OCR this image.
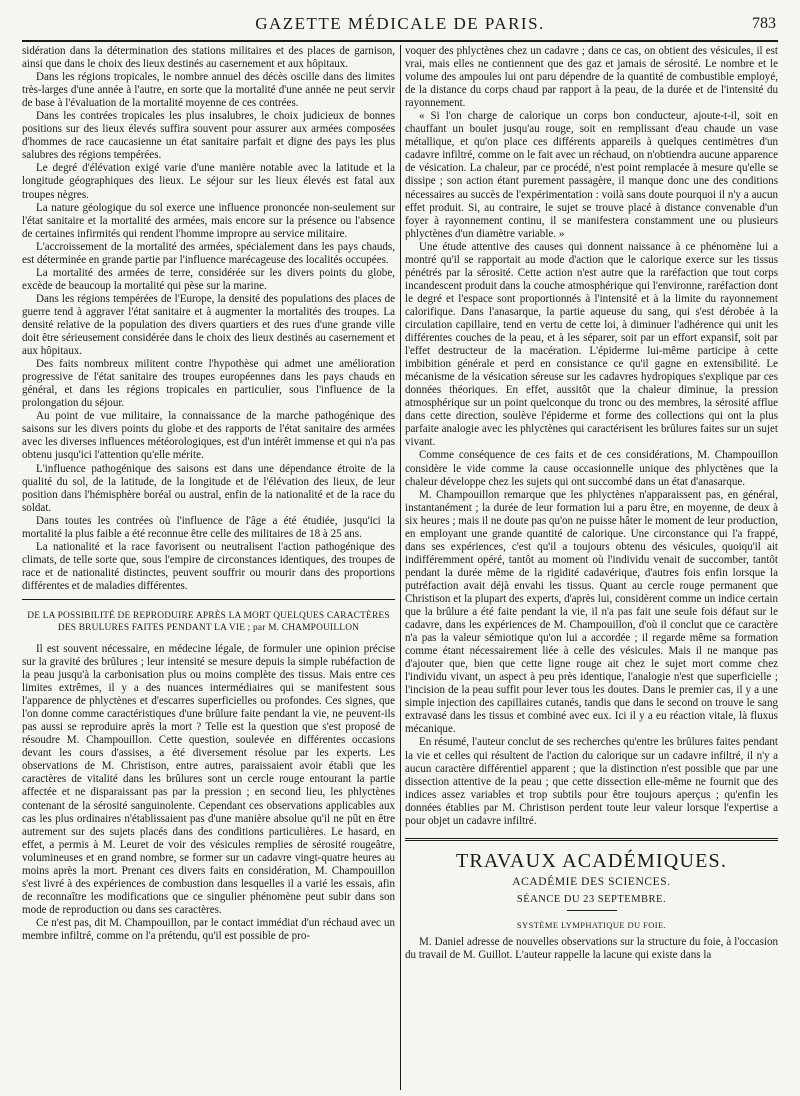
GAZETTE MÉDICALE DE PARIS.	783

sidération dans la détermination des stations militaires et des places de garnison, ainsi que dans le choix des lieux destinés au casernement et aux hôpitaux.

Dans les régions tropicales, le nombre annuel des décès oscille dans des limites très-larges d'une année à l'autre, en sorte que la mortalité d'une année ne peut servir de base à l'évaluation de la mortalité moyenne de ces contrées.

Dans les contrées tropicales les plus insalubres, le choix judicieux de bonnes positions sur des lieux élevés suffira souvent pour assurer aux armées composées d'hommes de race caucasienne un état sanitaire parfait et digne des pays les plus salubres des régions tempérées.

Le degré d'élévation exigé varie d'une manière notable avec la latitude et la longitude géographiques des lieux. Le séjour sur les lieux élevés est fatal aux troupes nègres.

La nature géologique du sol exerce une influence prononcée non-seulement sur l'état sanitaire et la mortalité des armées, mais encore sur la présence ou l'absence de certaines infirmités qui rendent l'homme impropre au service militaire.

L'accroissement de la mortalité des armées, spécialement dans les pays chauds, est déterminée en grande partie par l'influence marécageuse des localités occupées.

La mortalité des armées de terre, considérée sur les divers points du globe, excède de beaucoup la mortalité qui pèse sur la marine.

Dans les régions tempérées de l'Europe, la densité des populations des places de guerre tend à aggraver l'état sanitaire et à augmenter la mortalités des troupes. La densité relative de la population des divers quartiers et des rues d'une grande ville doit être sérieusement considérée dans le choix des lieux destinés au casernement et aux hôpitaux.

Des faits nombreux militent contre l'hypothèse qui admet une amélioration progressive de l'état sanitaire des troupes européennes dans les pays chauds en général, et dans les régions tropicales en particulier, sous l'influence de la prolongation du séjour.

Au point de vue militaire, la connaissance de la marche pathogénique des saisons sur les divers points du globe et des rapports de l'état sanitaire des armées avec les diverses influences météorologiques, est d'un intérêt immense et qui n'a pas obtenu jusqu'ici l'attention qu'elle mérite.

L'influence pathogénique des saisons est dans une dépendance étroite de la qualité du sol, de la latitude, de la longitude et de l'élévation des lieux, de leur position dans l'hémisphère boréal ou austral, enfin de la nationalité et de la race du soldat.

Dans toutes les contrées où l'influence de l'âge a été étudiée, jusqu'ici la mortalité la plus faible a été reconnue être celle des militaires de 18 à 25 ans.

La nationalité et la race favorisent ou neutralisent l'action pathogénique des climats, de telle sorte que, sous l'empire de circonstances identiques, des troupes de race et de nationalité distinctes, peuvent souffrir ou mourir dans des proportions différentes et de maladies différentes.

DE LA POSSIBILITÉ DE REPRODUIRE APRÈS LA MORT QUELQUES CARACTÈRES DES BRULURES FAITES PENDANT LA VIE ; par M. CHAMPOUILLON

Il est souvent nécessaire, en médecine légale, de formuler une opinion précise sur la gravité des brûlures ; leur intensité se mesure depuis la simple rubéfaction de la peau jusqu'à la carbonisation plus ou moins complète des tissus. Mais entre ces limites extrêmes, il y a des nuances intermédiaires qui se manifestent sous l'apparence de phlyctènes et d'escarres superficielles ou profondes. Ces signes, que l'on donne comme caractéristiques d'une brûlure faite pendant la vie, ne peuvent-ils pas aussi se reproduire après la mort ? Telle est la question que s'est proposé de résoudre M. Champouillon. Cette question, soulevée en différentes occasions devant les cours d'assises, a été diversement résolue par les experts. Les observations de M. Christison, entre autres, paraissaient avoir établi que les caractères de vitalité dans les brûlures sont un cercle rouge entourant la partie affectée et ne disparaissant pas par la pression ; en second lieu, les phlyctènes contenant de la sérosité sanguinolente. Cependant ces observations applicables aux cas les plus ordinaires n'établissaient pas d'une manière absolue qu'il ne pût en être autrement sur des sujets placés dans des conditions particulières. Le hasard, en effet, a permis à M. Leuret de voir des vésicules remplies de sérosité rougeâtre, volumineuses et en grand nombre, se former sur un cadavre vingt-quatre heures au moins après la mort. Prenant ces divers faits en considération, M. Champouillon s'est livré à des expériences de combustion dans lesquelles il a varié les essais, afin de reconnaître les modifications que ce singulier phénomène peut subir dans son mode de reproduction ou dans ses caractères.

Ce n'est pas, dit M. Champouillon, par le contact immédiat d'un réchaud avec un membre infiltré, comme on l'a prétendu, qu'il est possible de pro-

voquer des phlyctènes chez un cadavre ; dans ce cas, on obtient des vésicules, il est vrai, mais elles ne contiennent que des gaz et jamais de sérosité. Le nombre et le volume des ampoules lui ont paru dépendre de la quantité de combustible employé, de la distance du corps chaud par rapport à la peau, de la durée et de l'intensité du rayonnement.

« Si l'on charge de calorique un corps bon conducteur, ajoute-t-il, soit en chauffant un boulet jusqu'au rouge, soit en remplissant d'eau chaude un vase métallique, et qu'on place ces différents appareils à quelques centimètres d'un cadavre infiltré, comme on le fait avec un réchaud, on n'obtiendra aucune apparence de vésication. La chaleur, par ce procédé, n'est point remplacée à mesure qu'elle se dissipe ; son action étant purement passagère, il manque donc une des conditions nécessaires au succès de l'expérimentation : voilà sans doute pourquoi il n'y a aucun effet produit. Si, au contraire, le sujet se trouve placé à distance convenable d'un foyer à rayonnement continu, il se manifestera constamment une ou plusieurs phlyctènes d'un diamètre variable. »

Une étude attentive des causes qui donnent naissance à ce phénomène lui a montré qu'il se rapportait au mode d'action que le calorique exerce sur les tissus pénétrés par la sérosité. Cette action n'est autre que la raréfaction que tout corps incandescent produit dans la couche atmosphérique qui l'environne, raréfaction dont le degré et l'espace sont proportionnés à l'intensité et à la limite du rayonnement calorifique. Dans l'anasarque, la partie aqueuse du sang, qui s'est dérobée à la circulation capillaire, tend en vertu de cette loi, à diminuer l'adhérence qui unit les différentes couches de la peau, et à les séparer, soit par un effort expansif, soit par l'effet destructeur de la macération. L'épiderme lui-même participe à cette imbibition générale et perd en consistance ce qu'il gagne en extensibilité. Le mécanisme de la vésication séreuse sur les cadavres hydropiques s'explique par ces données théoriques. En effet, aussitôt que la chaleur diminue, la pression atmosphérique sur un point quelconque du tronc ou des membres, la sérosité afflue dans cette direction, soulève l'épiderme et forme des collections qui ont la plus parfaite analogie avec les phlyctènes qui caractérisent les brûlures faites sur un sujet vivant.

Comme conséquence de ces faits et de ces considérations, M. Champouillon considère le vide comme la cause occasionnelle unique des phlyctènes que la chaleur développe chez les sujets qui ont succombé dans un état d'anasarque.

M. Champouillon remarque que les phlyctènes n'apparaissent pas, en général, instantanément ; la durée de leur formation lui a paru être, en moyenne, de deux à six heures ; mais il ne doute pas qu'on ne puisse hâter le moment de leur production, en employant une grande quantité de calorique. Une circonstance qui l'a frappé, dans ses expériences, c'est qu'il a toujours obtenu des vésicules, quoiqu'il ait indifféremment opéré, tantôt au moment où l'individu venait de succomber, tantôt pendant la durée même de la rigidité cadavérique, d'autres fois enfin lorsque la putréfaction avait déjà envahi les tissus. Quant au cercle rouge permanent que Christison et la plupart des experts, d'après lui, considèrent comme un indice certain que la brûlure a été faite pendant la vie, il n'a pas fait une seule fois défaut sur le cadavre, dans les expériences de M. Champouillon, d'où il conclut que ce caractère n'a pas la valeur sémiotique qu'on lui a accordée ; il regarde même sa formation comme étant nécessairement liée à celle des vésicules. Mais il ne manque pas d'ajouter que, bien que cette ligne rouge ait chez le sujet mort comme chez l'individu vivant, un aspect à peu près identique, l'analogie n'est que superficielle ; l'incision de la peau suffit pour lever tous les doutes. Dans le premier cas, il y a une simple injection des capillaires cutanés, tandis que dans le second on trouve le sang extravasé dans les tissus et combiné avec eux. Ici il y a eu réaction vitale, là fluxus mécanique.

En résumé, l'auteur conclut de ses recherches qu'entre les brûlures faites pendant la vie et celles qui résultent de l'action du calorique sur un cadavre infiltré, il n'y a aucun caractère différentiel apparent ; que la distinction n'est possible que par une dissection attentive de la peau ; que cette dissection elle-même ne fournit que des indices assez variables et trop subtils pour être toujours aperçus ; qu'enfin les données établies par M. Christison perdent toute leur valeur lorsque l'expertise a pour objet un cadavre infiltré.

TRAVAUX ACADÉMIQUES.
ACADÉMIE DES SCIENCES.
SÉANCE DU 23 SEPTEMBRE.
SYSTÈME LYMPHATIQUE DU FOIE.

M. Daniel adresse de nouvelles observations sur la structure du foie, à l'occasion du travail de M. Guillot. L'auteur rappelle la lacune qui existe dans la
